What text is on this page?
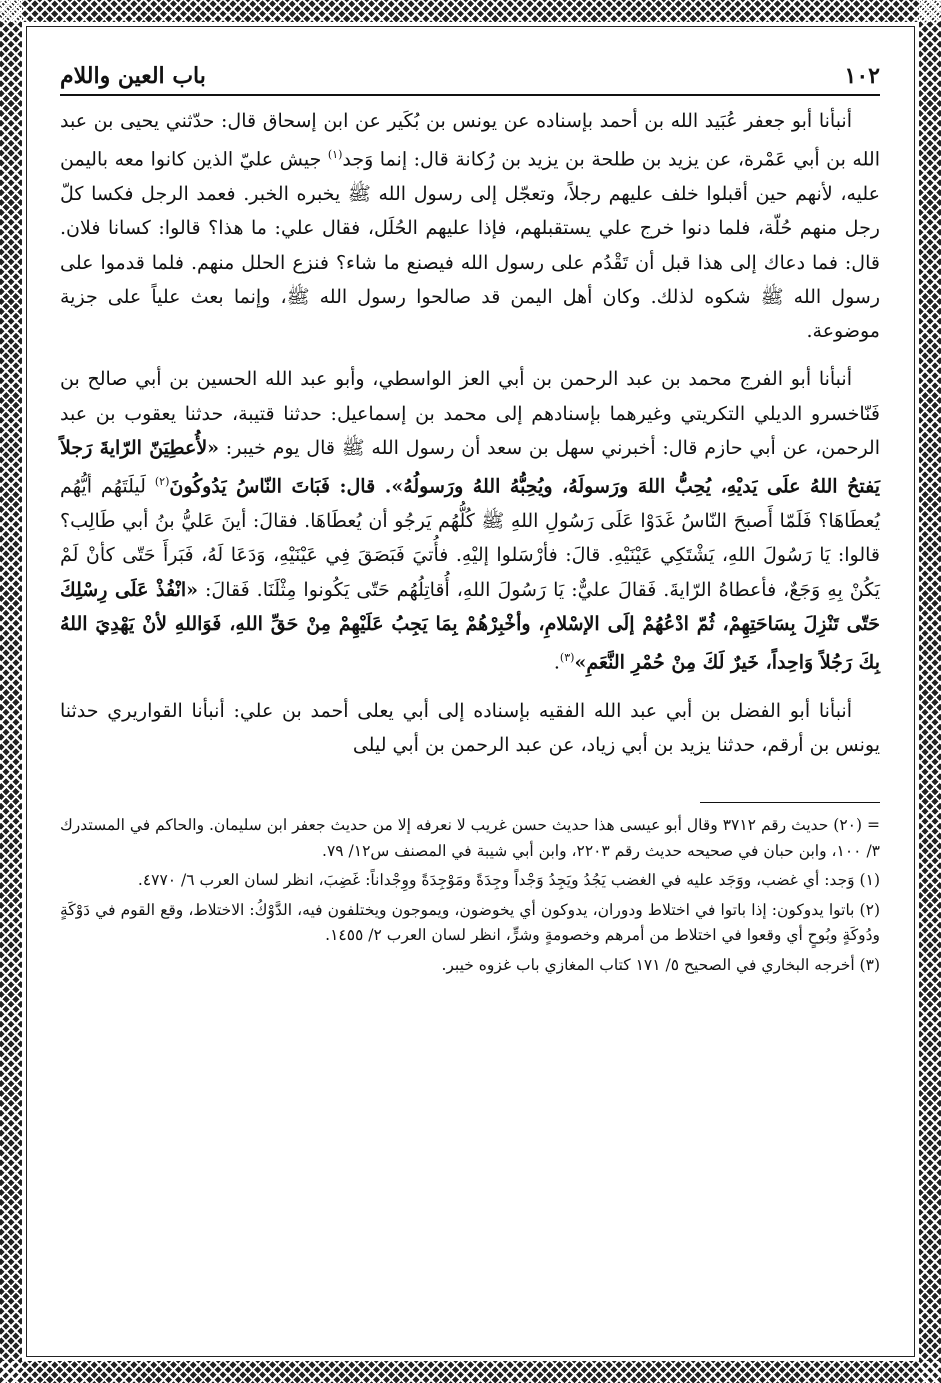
١٠٢
باب العين واللام

أنبأنا أبو جعفر عُبَيد الله بن أحمد بإسناده عن يونس بن بُكَير عن ابن إسحاق قال: حدّثني يحيى بن عبد الله بن أبي عَمْرة، عن يزيد بن طلحة بن يزيد بن رُكانة قال: إنما وَجد$^{(١)}$ جيش عليّ الذين كانوا معه باليمن عليه، لأنهم حين أقبلوا خلف عليهم رجلاً، وتعجّل إلى رسول الله ﷺ يخبره الخبر. فعمد الرجل فكسا كلّ رجل منهم حُلّة، فلما دنوا خرج علي يستقبلهم، فإذا عليهم الحُلَل، فقال علي: ما هذا؟ قالوا: كسانا فلان. قال: فما دعاك إلى هذا قبل أن تَقْدُم على رسول الله فيصنع ما شاء؟ فنزع الحلل منهم. فلما قدموا على رسول الله ﷺ شكوه لذلك. وكان أهل اليمن قد صالحوا رسول الله ﷺ، وإنما بعث علياً على جزية موضوعة.

أنبأنا أبو الفرج محمد بن عبد الرحمن بن أبي العز الواسطي، وأبو عبد الله الحسين بن أبي صالح بن فَنّاخسرو الديلي التكريتي وغيرهما بإسنادهم إلى محمد بن إسماعيل: حدثنا قتيبة، حدثنا يعقوب بن عبد الرحمن، عن أبي حازم قال: أخبرني سهل بن سعد أن رسول الله ﷺ قال يوم خيبر: «لأُعطِيَنّ الرّايةَ رَجلاً يَفتحُ اللهُ علَى يَديْهِ، يُحِبُّ اللهَ ورَسولَهُ، ويُحِبُّهُ اللهُ ورَسولُهُ». قال: فَبَاتَ النّاسُ يَدُوكُونَ$^{(٢)}$ لَيلَتَهُم أيُّهُم يُعطَاهَا؟ فَلَمّا أَصبحَ النّاسُ غَدَوْا عَلَى رَسُولِ اللهِ ﷺ كُلُّهُم يَرجُو أن يُعطَاهَا. فقالَ: أينَ عَليُّ بنُ أبي طَالِب؟ قالوا: يَا رَسُولَ اللهِ، يَشْتَكِي عَيْنَيْهِ. قالَ: فأرْسَلوا إليْهِ. فأُتيَ فَبَصَقَ فِي عَيْنَيْهِ، وَدَعَا لَهُ، فَبَرأَ حَتّى كأنْ لَمْ يَكُنْ بِهِ وَجَعٌ، فأعطاهُ الرّايةَ. فَقالَ عليٌّ: يَا رَسُولَ اللهِ، أُقاتِلُهُم حَتّى يَكُونوا مِثْلَنَا. فَقالَ: «انْفُذْ عَلَى رِسْلِكَ حَتّى تَنْزِلَ بِسَاحَتِهِمْ، ثُمّ ادْعُهُمْ إلَى الإسْلامِ، وأخْبِرْهُمْ بِمَا يَجِبُ عَلَيْهِمْ مِنْ حَقِّ اللهِ، فَوَاللهِ لأنْ يَهْدِيَ اللهُ بِكَ رَجُلاً وَاحِداً، خَيرٌ لَكَ مِنْ حُمْرِ النَّعَمِ»$^{(٣)}$.

أنبأنا أبو الفضل بن أبي عبد الله الفقيه بإسناده إلى أبي يعلى أحمد بن علي: أنبأنا القواريري حدثنا يونس بن أرقم، حدثنا يزيد بن أبي زياد، عن عبد الرحمن بن أبي ليلى

= (٢٠) حديث رقم ٣٧١٢ وقال أبو عيسى هذا حديث حسن غريب لا نعرفه إلا من حديث جعفر ابن سليمان. والحاكم في المستدرك ٣/ ١٠٠، وابن حبان في صحيحه حديث رقم ٢٢٠٣، وابن أبي شيبة في المصنف س١٢/ ٧٩.

(١) وَجد: أي غضب، ووَجَد عليه في الغضب يَجُدُ ويَجِدُ وَجْداً وجِدَةً ومَوْجِدَةً ووِجْداناً: غَضِبَ، انظر لسان العرب ٦/ ٤٧٧٠.

(٢) باتوا يدوكون: إذا باتوا في اختلاط ودوران، يدوكون أي يخوضون، ويموجون ويختلفون فيه، الدَّوْكُ: الاختلاط، وقع القوم في دَوْكَةٍ ودُوكَةٍ وبُوحٍ أي وقعوا في اختلاط من أمرهم وخصومةٍ وشرٍّ، انظر لسان العرب ٢/ ١٤٥٥.

(٣) أخرجه البخاري في الصحيح ٥/ ١٧١ كتاب المغازي باب غزوه خيبر.
